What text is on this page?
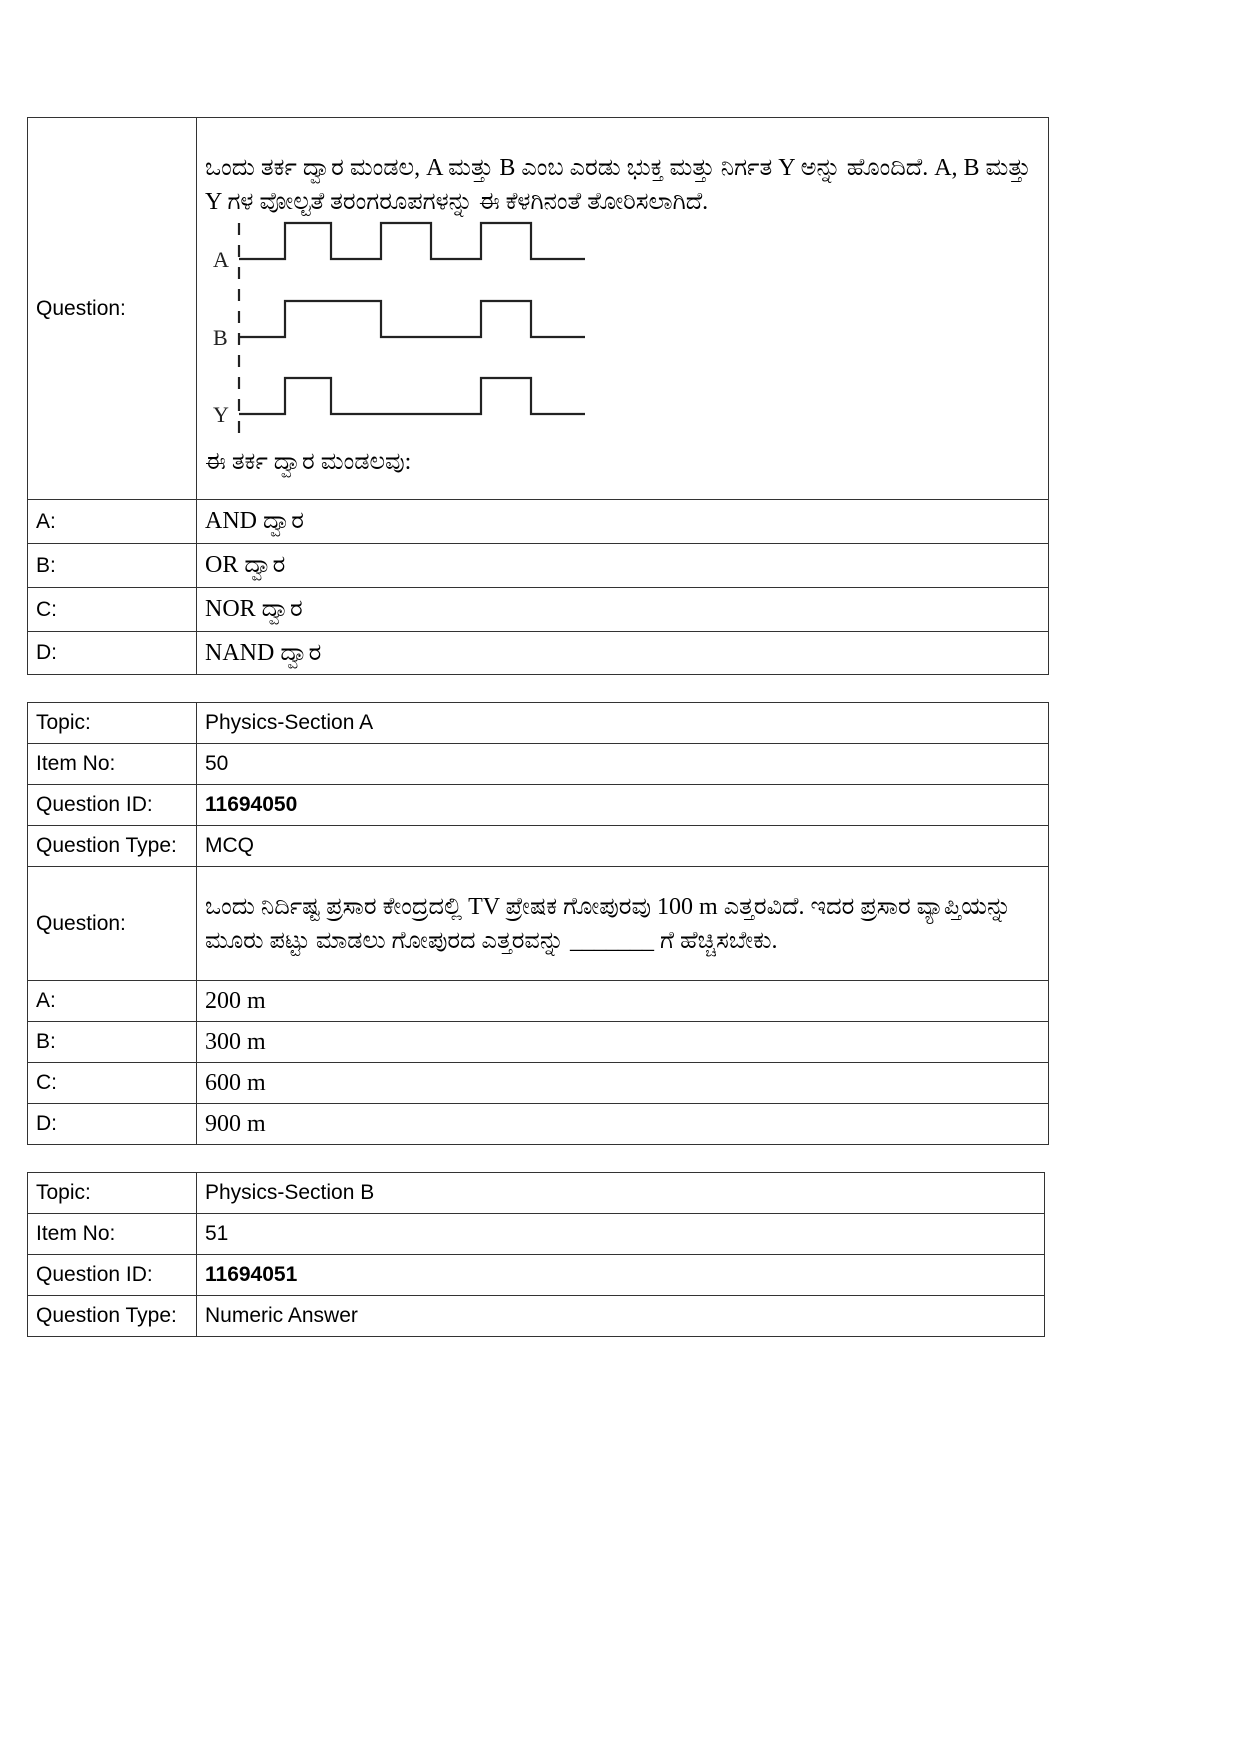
Question:	ಒಂದು ತರ್ಕ ದ್ವಾರ ಮಂಡಲ, A ಮತ್ತು B ಎಂಬ ಎರಡು ಭುಕ್ತ ಮತ್ತು ನಿರ್ಗತ Y ಅನ್ನು ಹೊಂದಿದೆ. A, B ಮತ್ತು Y ಗಳ ವೋಲ್ಟತೆ ತರಂಗರೂಪಗಳನ್ನು ಈ ಕೆಳಗಿನಂತೆ ತೋರಿಸಲಾಗಿದೆ.
A
B
Y
ಈ ತರ್ಕ ದ್ವಾರ ಮಂಡಲವು:

A:	AND ದ್ವಾರ
B:	OR ದ್ವಾರ
C:	NOR ದ್ವಾರ
D:	NAND ದ್ವಾರ
Topic:	Physics-Section A
Item No:	50
Question ID:	11694050
Question Type:	MCQ
Question:	ಒಂದು ನಿರ್ದಿಷ್ಟ ಪ್ರಸಾರ ಕೇಂದ್ರದಲ್ಲಿ TV ಪ್ರೇಷಕ ಗೋಪುರವು 100 m ಎತ್ತರವಿದೆ. ಇದರ ಪ್ರಸಾರ ವ್ಯಾಪ್ತಿಯನ್ನು ಮೂರು ಪಟ್ಟು ಮಾಡಲು ಗೋಪುರದ ಎತ್ತರವನ್ನು _______ ಗೆ ಹೆಚ್ಚಿಸಬೇಕು.
A:	200 m
B:	300 m
C:	600 m
D:	900 m
Topic:	Physics-Section B
Item No:	51
Question ID:	11694051
Question Type:	Numeric Answer
